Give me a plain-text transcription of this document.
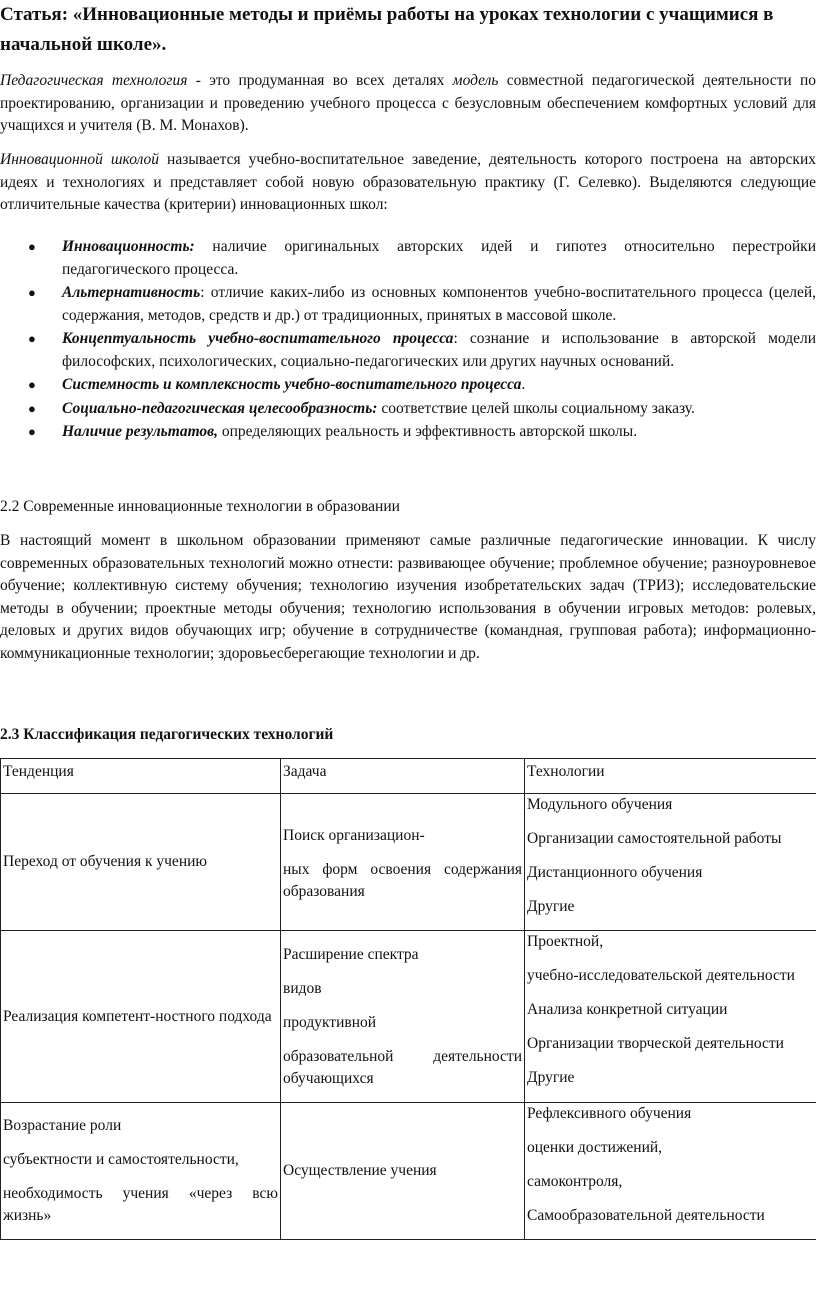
Статья: «Инновационные методы и приёмы работы на уроках технологии с учащимися в начальной школе».

Педагогическая технология - это продуманная во всех деталях модель совместной педагогической деятельности по проектированию, организации и проведению учебного процесса с безусловным обеспечением комфортных условий для учащихся и учителя (В. М. Монахов).

Инновационной школой называется учебно-воспитательное заведение, деятельность которого построена на авторских идеях и технологиях и представляет собой новую образовательную практику (Г. Селевко). Выделяются следующие отличительные качества (критерии) инновационных школ:

● Инновационность: наличие оригинальных авторских идей и гипотез относительно перестройки педагогического процесса.
● Альтернативность: отличие каких-либо из основных компонентов учебно-воспитательного процесса (целей, содержания, методов, средств и др.) от традиционных, принятых в массовой школе.
● Концептуальность учебно-воспитательного процесса: сознание и использование в авторской модели философских, психологических, социально-педагогических или других научных оснований.
● Системность и комплексность учебно-воспитательного процесса.
● Социально-педагогическая целесообразность: соответствие целей школы социальному заказу.
● Наличие результатов, определяющих реальность и эффективность авторской школы.

2.2 Современные инновационные технологии в образовании

В настоящий момент в школьном образовании применяют самые различные педагогические инновации. К числу современных образовательных технологий можно отнести: развивающее обучение; проблемное обучение; разноуровневое обучение; коллективную систему обучения; технологию изучения изобретательских задач (ТРИЗ); исследовательские методы в обучении; проектные методы обучения; технологию использования в обучении игровых методов: ролевых, деловых и других видов обучающих игр; обучение в сотрудничестве (командная, групповая работа); информационно-коммуникационные технологии; здоровьесберегающие технологии и др.

2.3 Классификация педагогических технологий

Тенденция	Задача	Технологии
Переход от обучения к учению	Поиск организацион-
ных форм освоения содержания образования	Модульного обучения
Организации самостоятельной работы
Дистанционного обучения
Другие

Реализация компетент-ностного подхода	Расширение спектра
видов
продуктивной
образовательной деятельности обучающихся	Проектной,
учебно-исследовательской деятельности
Анализа конкретной ситуации
Организации творческой деятельности
Другие

Возрастание роли
субъектности и самостоятельности,
необходимость учения «через всю жизнь»	Осуществление учения	Рефлексивного обучения
оценки достижений,
самоконтроля,
Самообразовательной деятельности
